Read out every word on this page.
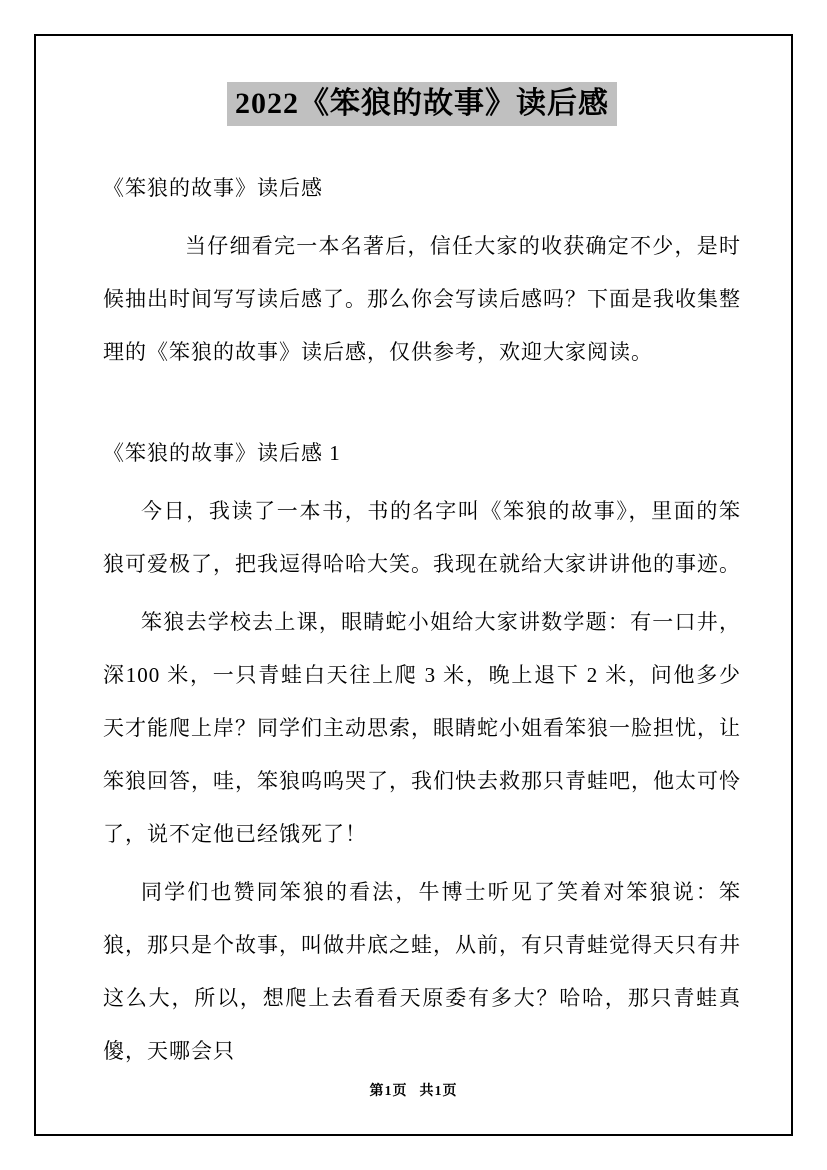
2022《笨狼的故事》读后感

《笨狼的故事》读后感

当仔细看完一本名著后，信任大家的收获确定不少，是时候抽出时间写写读后感了。那么你会写读后感吗？下面是我收集整理的《笨狼的故事》读后感，仅供参考，欢迎大家阅读。

《笨狼的故事》读后感 1

今日，我读了一本书，书的名字叫《笨狼的故事》，里面的笨狼可爱极了，把我逗得哈哈大笑。我现在就给大家讲讲他的事迹。

笨狼去学校去上课，眼睛蛇小姐给大家讲数学题：有一口井，深100 米，一只青蛙白天往上爬 3 米，晚上退下 2 米，问他多少天才能爬上岸？同学们主动思索，眼睛蛇小姐看笨狼一脸担忧，让笨狼回答，哇，笨狼呜呜哭了，我们快去救那只青蛙吧，他太可怜了，说不定他已经饿死了！

同学们也赞同笨狼的看法，牛博士听见了笑着对笨狼说：笨狼，那只是个故事，叫做井底之蛙，从前，有只青蛙觉得天只有井这么大，所以，想爬上去看看天原委有多大？哈哈，那只青蛙真傻，天哪会只

第1页 共1页
